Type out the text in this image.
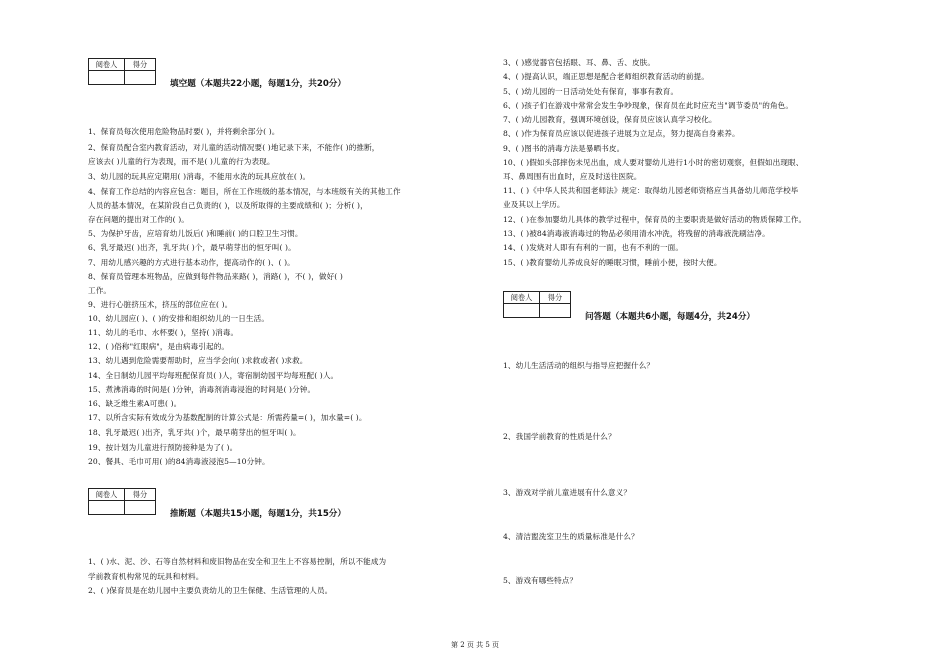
阅卷人	得分

填空题（本题共22小题，每题1分，共20分）
1、保育员每次使用危险物品时要( )，并将剩余部分( )。
2、保育员配合室内教育活动，对儿童的活动情况要( )地记录下来，不能作( )的推断，
应该去( )儿童的行为表现，而不是( )儿童的行为表现。
3、幼儿园的玩具应定期用( )消毒，不能用水洗的玩具应放在( )。
4、保育工作总结的内容应包含：题目，所在工作班级的基本情况，与本班级有关的其他工作
人员的基本情况，在某阶段自己负责的( )，以及所取得的主要成绩和( )；分析( )，
存在问题的提出对工作的( )。
5、为保护牙齿，应培育幼儿饭后( )和睡前( )的口腔卫生习惯。
6、乳牙最迟( )出齐，乳牙共( )个，最早萌芽出的恒牙叫( )。
7、用幼儿感兴趣的方式进行基本动作，提高动作的( )、( )。
8、保育员管理本班物品，应做到每件物品来路( )，消路( )，不( )，做好( )
工作。
9、进行心脏挤压术，挤压的部位应在( )。
10、幼儿园应( )、( )的安排和组织幼儿的一日生活。
11、幼儿的毛巾、水杯要( )，坚持( )消毒。
12、( )俗称"红眼病"，是由病毒引起的。
13、幼儿遇到危险需要帮助时，应当学会向( )求救或者( )求救。
14、全日制幼儿园平均每班配保育员( )人，寄宿制幼园平均每班配( )人。
15、煮沸消毒的时间是( )分钟，消毒剂消毒浸泡的时间是( )分钟。
16、缺乏维生素A可患( )。
17、以所含实际有效成分为基数配制的计算公式是：所需药量=( )，加水量=( )。
18、乳牙最迟( )出齐，乳牙共( )个，最早萌芽出的恒牙叫( )。
19、按计划为儿童进行预防接种是为了( )。
20、餐具、毛巾可用( )的84消毒液浸泡5—10分钟。
阅卷人	得分

推断题（本题共15小题，每题1分，共15分）
1、( )水、泥、沙、石等自然材料和废旧物品在安全和卫生上不容易控制，所以不能成为
学前教育机构常见的玩具和材料。
2、( )保育员是在幼儿园中主要负责幼儿的卫生保健、生活管理的人员。
3、( )感觉器官包括眼、耳、鼻、舌、皮肤。
4、( )提高认识，端正思想是配合老师组织教育活动的前提。
5、( )幼儿园的一日活动处处有保育，事事有教育。
6、( )孩子们在游戏中常常会发生争吵现象，保育员在此时应充当"调节委员"的角色。
7、( )幼儿园教育，强调环境创设，保育员应该认真学习校化。
8、( )作为保育员应该以促进孩子进展为立足点，努力提高自身素养。
9、( )图书的消毒方法是暴晒书皮。
10、( )假如头部摔伤未见出血，成人要对婴幼儿进行1小时的密切观察，但假如出现眼、
耳、鼻周围有出血时，应及时送往医院。
11、( )《中华人民共和国老师法》规定：取得幼儿园老师资格应当具备幼儿师范学校毕
业及其以上学历。
12、( )在参加婴幼儿具体的教学过程中，保育员的主要职责是做好活动的物质保障工作。
13、( )被84消毒液消毒过的物品必须用清水冲洗，将残留的消毒液洗刷洁净。
14、( )发烧对人即有有利的一面，也有不利的一面。
15、( )教育婴幼儿养成良好的睡眠习惯，睡前小便，按时大便。
阅卷人	得分

问答题（本题共6小题，每题4分，共24分）
1、幼儿生活活动的组织与指导应把握什么？
2、我国学前教育的性质是什么？
3、游戏对学前儿童进展有什么意义？
4、清洁盥洗室卫生的质量标准是什么？
5、游戏有哪些特点？
第 2 页 共 5 页
